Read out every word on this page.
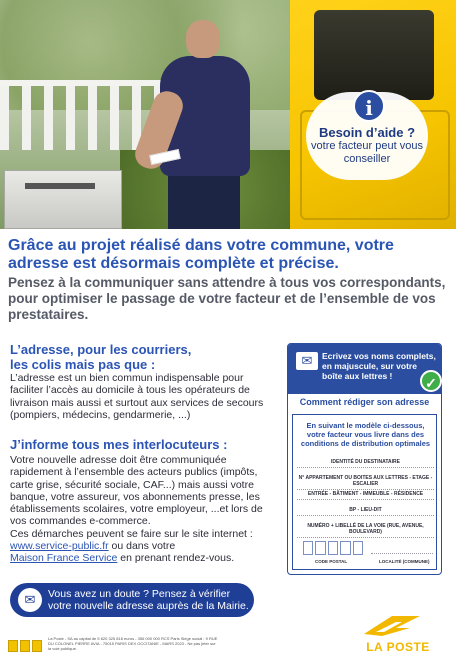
i
Besoin d’aide ?
votre facteur peut vous conseiller
Grâce au projet réalisé dans votre commune, votre adresse est désormais complète et précise.
Pensez à la communiquer sans attendre à tous vos correspondants, pour optimiser le passage de votre facteur et de l’ensemble de vos prestataires.
L’adresse, pour les courriers, les colis mais pas que :
L’adresse est un bien commun indispensable pour faciliter l’accès au domicile à tous les opérateurs de livraison mais aussi et surtout aux services de secours (pompiers, médecins, gendarmerie, ...)
J’informe tous mes interlocuteurs :
Votre nouvelle adresse doit être communiquée rapidement à l’ensemble des acteurs publics (impôts, carte grise, sécurité sociale, CAF...) mais aussi votre banque, votre assureur, vos abonnements presse, les établissements scolaires, votre employeur, ...et lors de vos commandes e-commerce.
Ces démarches peuvent se faire sur le site internet : www.service-public.fr ou dans votre
Maison France Service en prenant rendez-vous.
✉	Ecrivez vos noms complets, en majuscule, sur votre boîte aux lettres !
Comment rédiger son adresse
En suivant le modèle ci-dessous, votre facteur vous livre dans des conditions de distribution optimales
IDENTITÉ DU DESTINATAIRE
N° APPARTEMENT OU BOITES AUX LETTRES - ETAGE - ESCALIER
ENTRÉE - BÂTIMENT - IMMEUBLE - RÉSIDENCE
BP - LIEU-DIT
NUMÉRO + LIBELLÉ DE LA VOIE (RUE, AVENUE, BOULEVARD)
CODE POSTAL	LOCALITÉ (COMMUNE)
✓
✉	Vous avez un doute ? Pensez à vérifier votre nouvelle adresse auprès de la Mairie.
La Poste - SA au capital de 5 620 325 816 euros - 356 000 000 RCS Paris Siège social : 9 RUE DU COLONEL PIERRE AVIA - 75015 PARIS DEX OCCITANIE - MARS 2023 - Ne pas jeter sur la voie publique.	LA POSTE
